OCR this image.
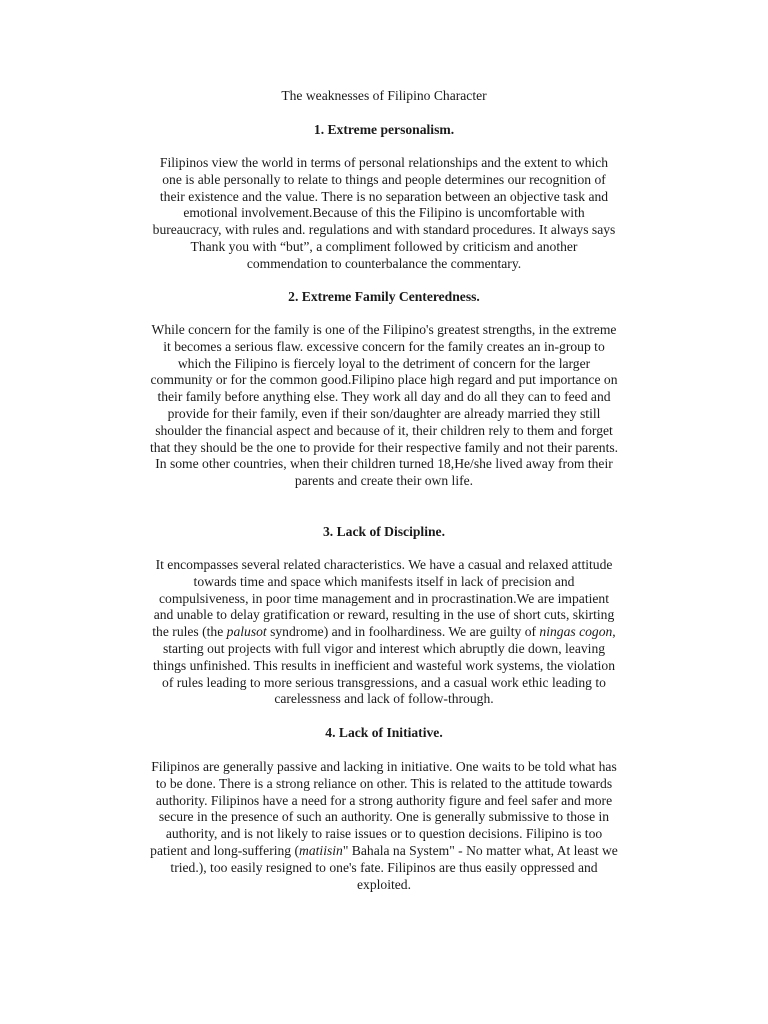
The weaknesses of Filipino Character
1. Extreme personalism.
Filipinos view the world in terms of personal relationships and the extent to which
one is able personally to relate to things and people determines our recognition of
their existence and the value. There is no separation between an objective task and
emotional involvement.Because of this the Filipino is uncomfortable with
bureaucracy, with rules and. regulations and with standard procedures. It always says
Thank you with “but”, a compliment followed by criticism and another
commendation to counterbalance the commentary.
2. Extreme Family Centeredness.
While concern for the family is one of the Filipino's greatest strengths, in the extreme
it becomes a serious flaw. excessive concern for the family creates an in-group to
which the Filipino is fiercely loyal to the detriment of concern for the larger
community or for the common good.Filipino place high regard and put importance on
their family before anything else. They work all day and do all they can to feed and
provide for their family, even if their son/daughter are already married they still
shoulder the financial aspect and because of it, their children rely to them and forget
that they should be the one to provide for their respective family and not their parents.
In some other countries, when their children turned 18,He/she lived away from their
parents and create their own life.
3. Lack of Discipline.
It encompasses several related characteristics. We have a casual and relaxed attitude
towards time and space which manifests itself in lack of precision and
compulsiveness, in poor time management and in procrastination.We are impatient
and unable to delay gratification or reward, resulting in the use of short cuts, skirting
the rules (the palusot syndrome) and in foolhardiness. We are guilty of ningas cogon,
starting out projects with full vigor and interest which abruptly die down, leaving
things unfinished. This results in inefficient and wasteful work systems, the violation
of rules leading to more serious transgressions, and a casual work ethic leading to
carelessness and lack of follow-through.
4. Lack of Initiative.
Filipinos are generally passive and lacking in initiative. One waits to be told what has
to be done. There is a strong reliance on other. This is related to the attitude towards
authority. Filipinos have a need for a strong authority figure and feel safer and more
secure in the presence of such an authority. One is generally submissive to those in
authority, and is not likely to raise issues or to question decisions. Filipino is too
patient and long-suffering (matiisin" Bahala na System" - No matter what, At least we
tried.), too easily resigned to one's fate. Filipinos are thus easily oppressed and
exploited.
